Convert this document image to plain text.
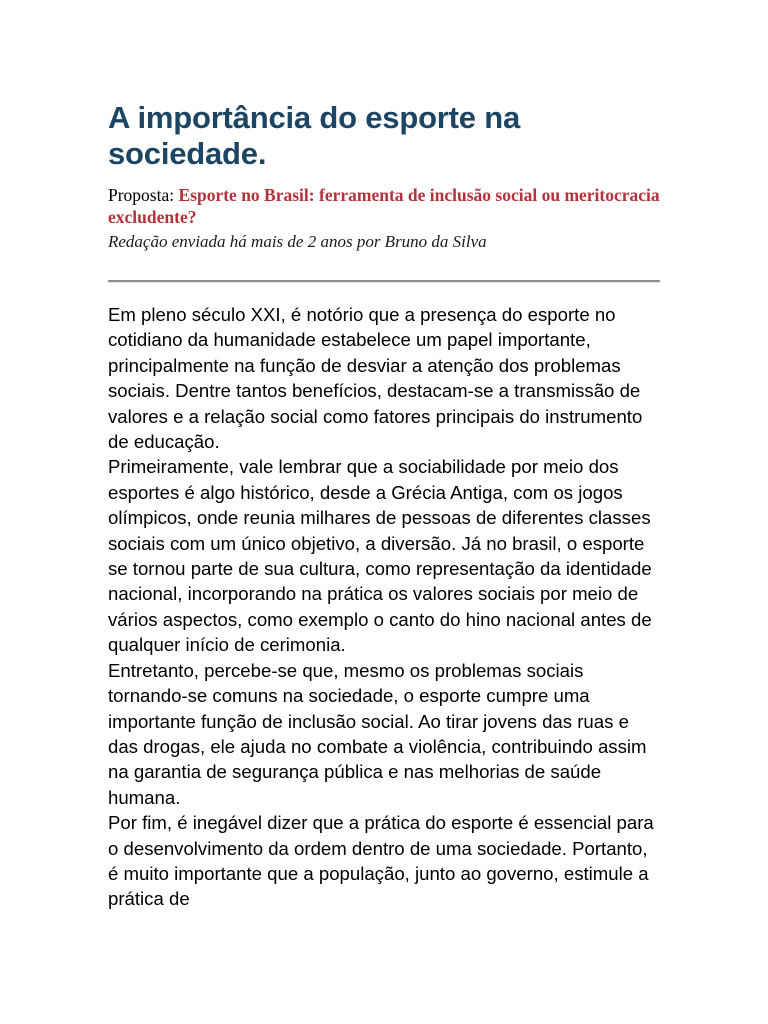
A importância do esporte na sociedade.
Proposta: Esporte no Brasil: ferramenta de inclusão social ou meritocracia excludente?
Redação enviada há mais de 2 anos por Bruno da Silva

Em pleno século XXI, é notório que a presença do esporte no cotidiano da humanidade estabelece um papel importante, principalmente na função de desviar a atenção dos problemas sociais. Dentre tantos benefícios, destacam-se a transmissão de valores e a relação social como fatores principais do instrumento de educação.

Primeiramente, vale lembrar que a sociabilidade por meio dos esportes é algo histórico, desde a Grécia Antiga, com os jogos olímpicos, onde reunia milhares de pessoas de diferentes classes sociais com um único objetivo, a diversão. Já no brasil, o esporte se tornou parte de sua cultura, como representação da identidade nacional, incorporando na prática os valores sociais por meio de vários aspectos, como exemplo o canto do hino nacional antes de qualquer início de cerimonia.

Entretanto, percebe-se que, mesmo os problemas sociais tornando-se comuns na sociedade, o esporte cumpre uma importante função de inclusão social. Ao tirar jovens das ruas e das drogas, ele ajuda no combate a violência, contribuindo assim na garantia de segurança pública e nas melhorias de saúde humana.

Por fim, é inegável dizer que a prática do esporte é essencial para o desenvolvimento da ordem dentro de uma sociedade. Portanto, é muito importante que a população, junto ao governo, estimule a prática de
